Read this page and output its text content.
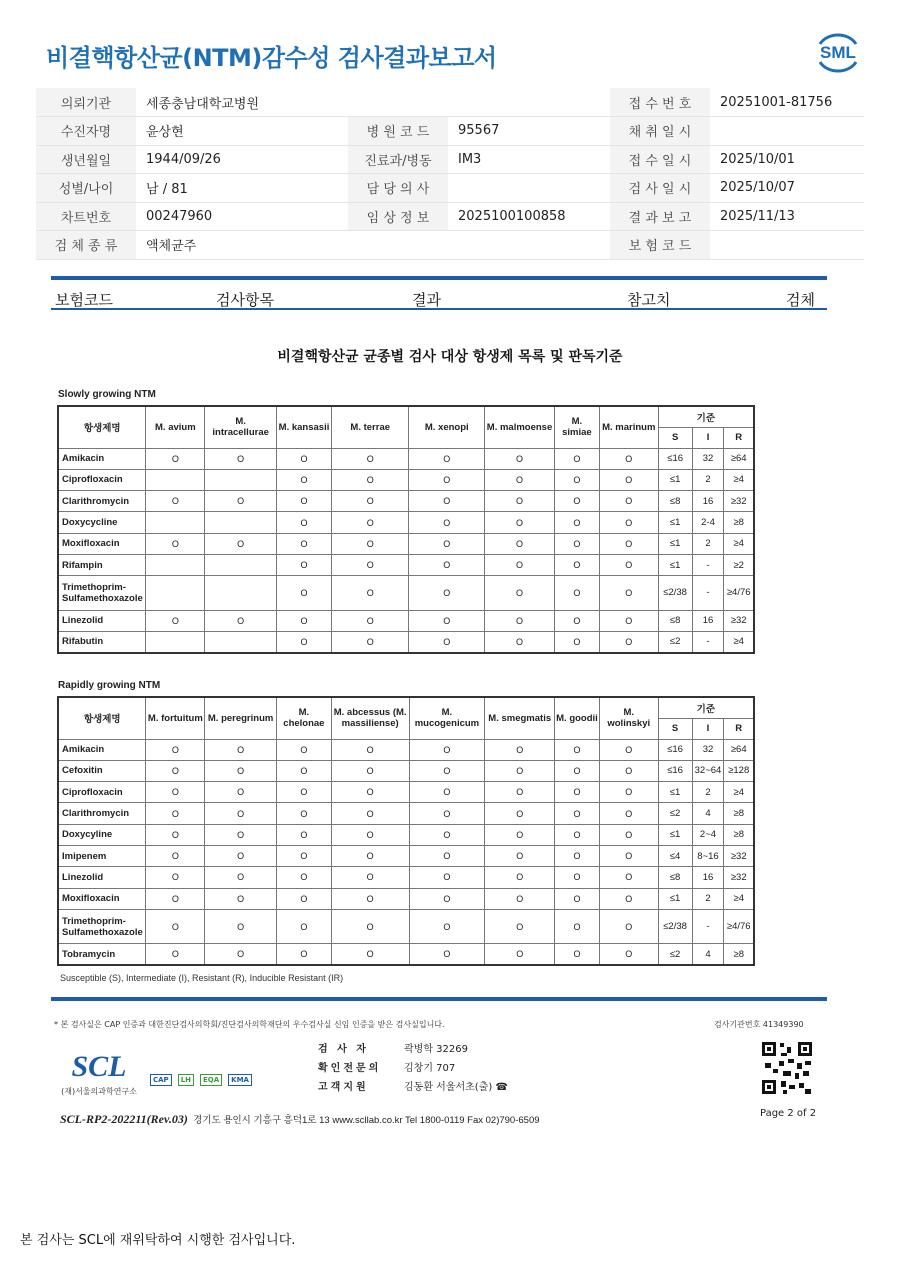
비결핵항산균(NTM)감수성 검사결과보고서	SML
의뢰기관	세종충남대학교병원			접 수 번 호	20251001-81756
수진자명	윤상현	병 원 코 드	95567	채 취 일 시	
생년월일	1944/09/26	진료과/병동	IM3	접 수 일 시	2025/10/01
성별/나이	남 / 81	담 당 의 사		검 사 일 시	2025/10/07
차트번호	00247960	임 상 정 보	2025100100858	결 과 보 고	2025/11/13
검 체 종 류	액체균주			보 험 코 드	
보험코드	검사항목	결과	참고치	검체
비결핵항산균 균종별 검사 대상 항생제 목록 및 판독기준
Slowly growing NTM
항생제명	M. avium	M. intracellurae	M. kansasii	M. terrae	M. xenopi	M. malmoense	M. simiae	M. marinum	기준		
									S	I	R
Amikacin	O	O	O	O	O	O	O	O	≤16	32	≥64
Ciprofloxacin			O	O	O	O	O	O	≤1	2	≥4
Clarithromycin	O	O	O	O	O	O	O	O	≤8	16	≥32
Doxycycline			O	O	O	O	O	O	≤1	2-4	≥8
Moxifloxacin	O	O	O	O	O	O	O	O	≤1	2	≥4
Rifampin			O	O	O	O	O	O	≤1	-	≥2
Trimethoprim-Sulfamethoxazole			O	O	O	O	O	O	≤2/38	-	≥4/76
Linezolid	O	O	O	O	O	O	O	O	≤8	16	≥32
Rifabutin			O	O	O	O	O	O	≤2	-	≥4
Rapidly growing NTM
항생제명	M. fortuitum	M. peregrinum	M. chelonae	M. abcessus (M. massiliense)	M. mucogenicum	M. smegmatis	M. goodii	M. wolinskyi	기준		
									S	I	R
Amikacin	O	O	O	O	O	O	O	O	≤16	32	≥64
Cefoxitin	O	O	O	O	O	O	O	O	≤16	32~64	≥128
Ciprofloxacin	O	O	O	O	O	O	O	O	≤1	2	≥4
Clarithromycin	O	O	O	O	O	O	O	O	≤2	4	≥8
Doxycyline	O	O	O	O	O	O	O	O	≤1	2~4	≥8
Imipenem	O	O	O	O	O	O	O	O	≤4	8~16	≥32
Linezolid	O	O	O	O	O	O	O	O	≤8	16	≥32
Moxifloxacin	O	O	O	O	O	O	O	O	≤1	2	≥4
Trimethoprim-Sulfamethoxazole	O	O	O	O	O	O	O	O	≤2/38	-	≥4/76
Tobramycin	O	O	O	O	O	O	O	O	≤2	4	≥8
Susceptible (S), Intermediate (I), Resistant (R), Inducible Resistant (IR)
* 본 검사실은 CAP 인증과 대한진단검사의학회/진단검사의학재단의 우수검사실 신임 인증을 받은 검사실입니다.	검사기관번호 41349390
SCL
(재)서울의과학연구소
CAP	LH	EQA	KMA
검 사 자	곽병학 32269
확인전문의	김창기 707
고객지원	김동환 서울서초(출) ☎
SCL-RP2-202211(Rev.03) 경기도 용인시 기흥구 흥덕1로 13 www.scllab.co.kr Tel 1800-0119 Fax 02)790-6509
Page 2 of 2
본 검사는 SCL에 재위탁하여 시행한 검사입니다.
